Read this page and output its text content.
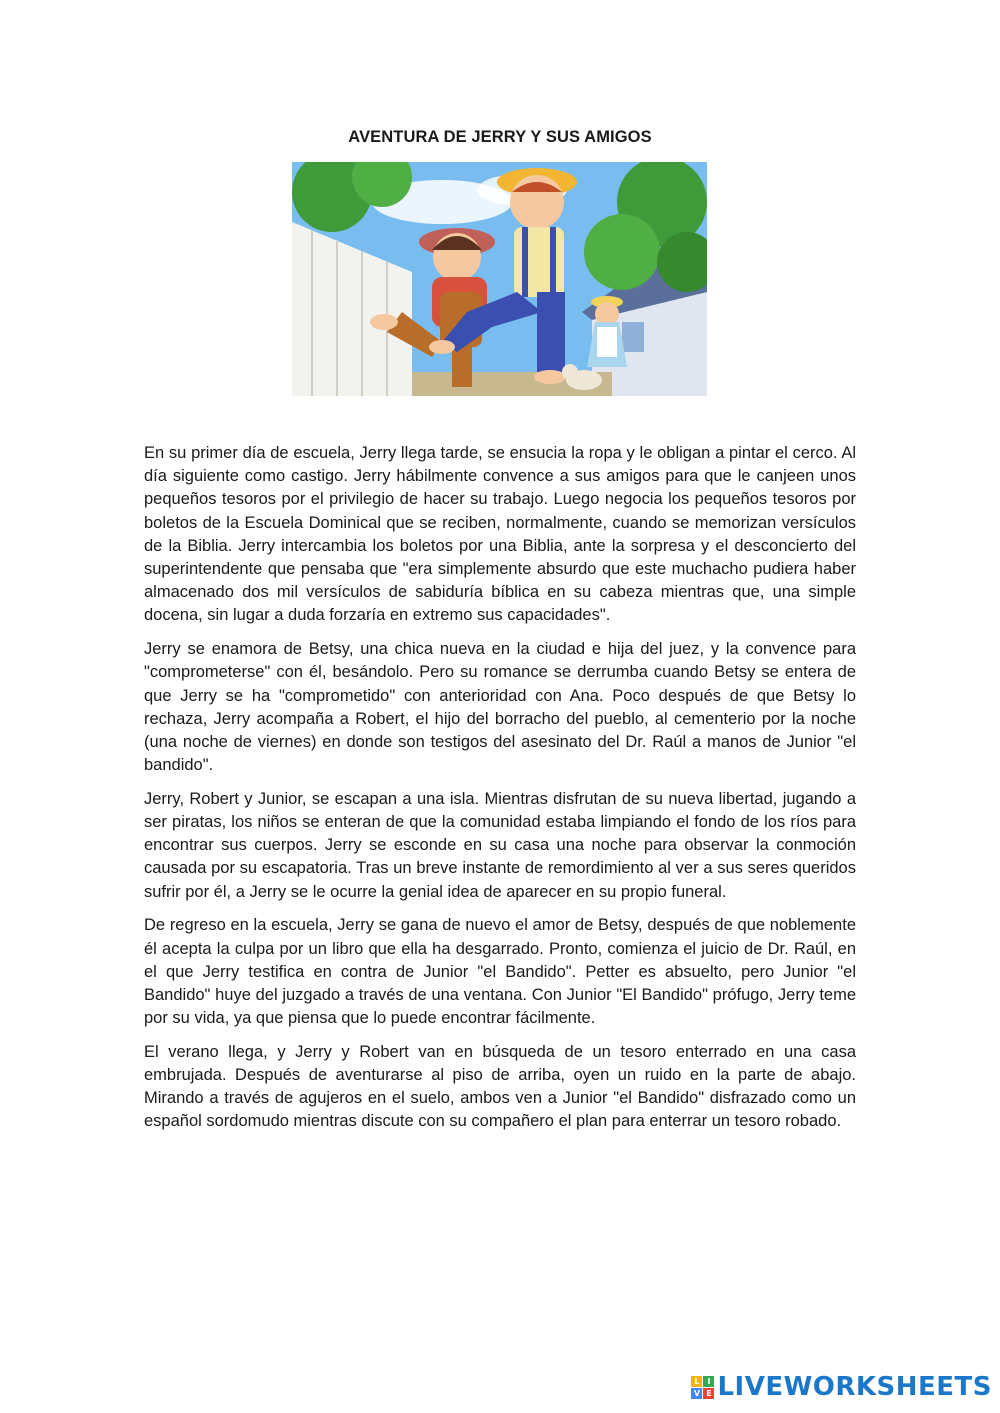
AVENTURA DE JERRY Y SUS AMIGOS

En su primer día de escuela, Jerry llega tarde, se ensucia la ropa y le obligan a pintar el cerco. Al día siguiente como castigo. Jerry hábilmente convence a sus amigos para que le canjeen unos pequeños tesoros por el privilegio de hacer su trabajo. Luego negocia los pequeños tesoros por boletos de la Escuela Dominical que se reciben, normalmente, cuando se memorizan versículos de la Biblia. Jerry intercambia los boletos por una Biblia, ante la sorpresa y el desconcierto del superintendente que pensaba que "era simplemente absurdo que este muchacho pudiera haber almacenado dos mil versículos de sabiduría bíblica en su cabeza mientras que, una simple docena, sin lugar a duda forzaría en extremo sus capacidades".

Jerry se enamora de Betsy, una chica nueva en la ciudad e hija del juez, y la convence para "comprometerse" con él, besándolo. Pero su romance se derrumba cuando Betsy se entera de que Jerry se ha "comprometido" con anterioridad con Ana. Poco después de que Betsy lo rechaza, Jerry acompaña a Robert, el hijo del borracho del pueblo, al cementerio por la noche (una noche de viernes) en donde son testigos del asesinato del Dr. Raúl a manos de Junior "el bandido".

Jerry, Robert y Junior, se escapan a una isla. Mientras disfrutan de su nueva libertad, jugando a ser piratas, los niños se enteran de que la comunidad estaba limpiando el fondo de los ríos para encontrar sus cuerpos. Jerry se esconde en su casa una noche para observar la conmoción causada por su escapatoria. Tras un breve instante de remordimiento al ver a sus seres queridos sufrir por él, a Jerry se le ocurre la genial idea de aparecer en su propio funeral.

De regreso en la escuela, Jerry se gana de nuevo el amor de Betsy, después de que noblemente él acepta la culpa por un libro que ella ha desgarrado. Pronto, comienza el juicio de Dr. Raúl, en el que Jerry testifica en contra de Junior "el Bandido". Petter es absuelto, pero Junior "el Bandido" huye del juzgado a través de una ventana. Con Junior "El Bandido" prófugo, Jerry teme por su vida, ya que piensa que lo puede encontrar fácilmente.

El verano llega, y Jerry y Robert van en búsqueda de un tesoro enterrado en una casa embrujada. Después de aventurarse al piso de arriba, oyen un ruido en la parte de abajo. Mirando a través de agujeros en el suelo, ambos ven a Junior "el Bandido" disfrazado como un español sordomudo mientras discute con su compañero el plan para enterrar un tesoro robado.

L I
V E LIVEWORKSHEETS
